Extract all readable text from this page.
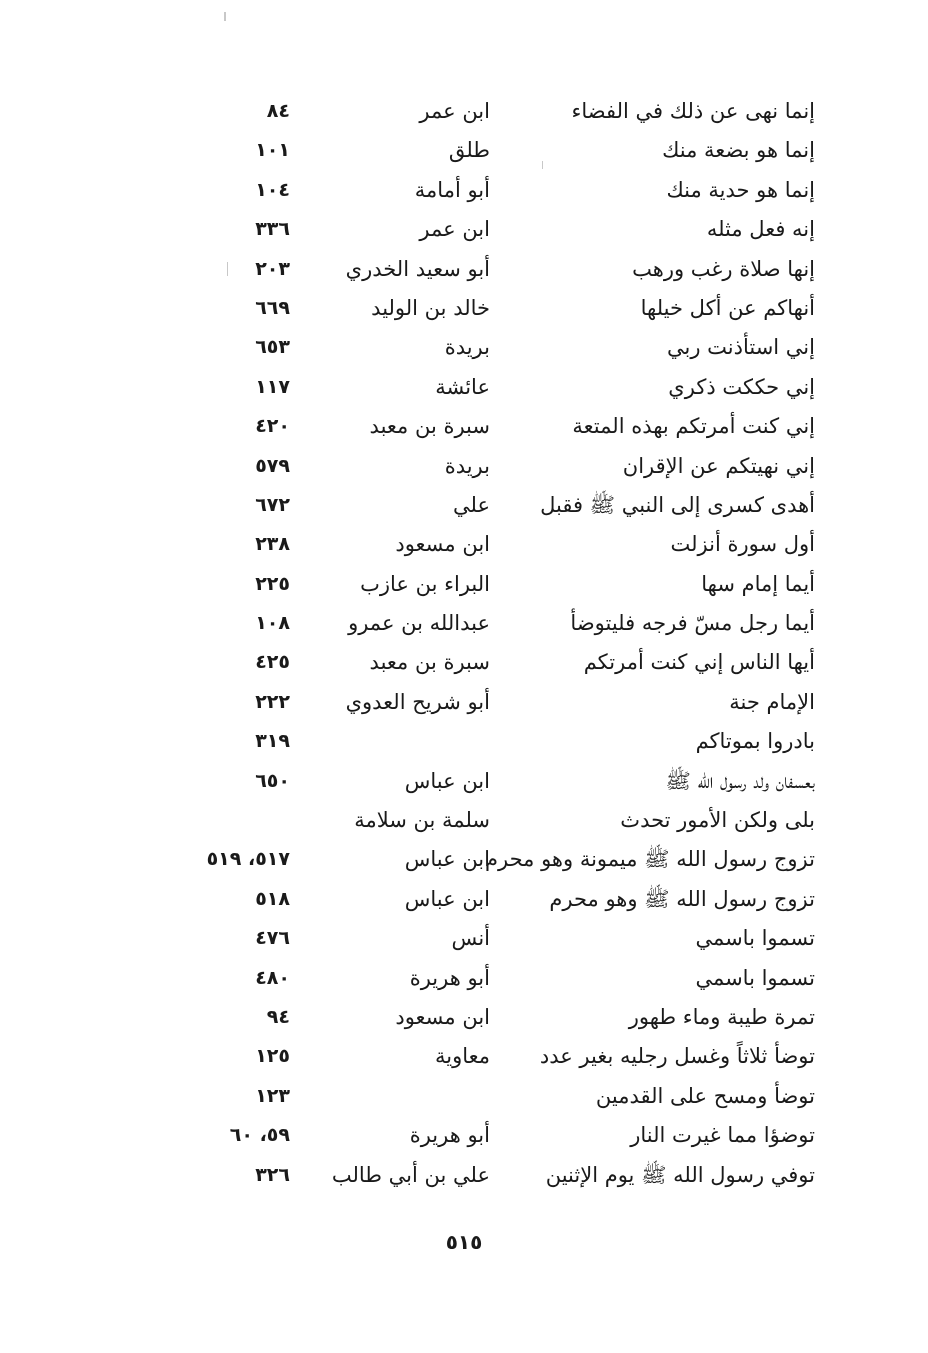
إنما نهى عن ذلك في الفضاء
ابن عمر
٨٤
إنما هو بضعة منك
طلق
١٠١
إنما هو حدية منك
أبو أمامة
١٠٤
إنه فعل مثله
ابن عمر
٣٣٦
إنها صلاة رغب ورهب
أبو سعيد الخدري
٢٠٣
أنهاكم عن أكل خيلها
خالد بن الوليد
٦٦٩
إني استأذنت ربي
بريدة
٦٥٣
إني حككت ذكري
عائشة
١١٧
إني كنت أمرتكم بهذه المتعة
سبرة بن معبد
٤٢٠
إني نهيتكم عن الإقران
بريدة
٥٧٩
أهدى كسرى إلى النبي ﷺ فقبل
علي
٦٧٢
أول سورة أنزلت
ابن مسعود
٢٣٨
أيما إمام سها
البراء بن عازب
٢٢٥
أيما رجل مسّ فرجه فليتوضأ
عبدالله بن عمرو
١٠٨
أيها الناس إني كنت أمرتكم
سبرة بن معبد
٤٢٥
الإمام جنة
أبو شريح العدوي
٢٢٢
بادروا بموتاكم
٣١٩
بعسفان ولد رسول الله ﷺ
ابن عباس
٦٥٠
بلى ولكن الأمور تحدث
سلمة بن سلامة
تزوج رسول الله ﷺ ميمونة وهو محرم
ابن عباس
٥١٧، ٥١٩
تزوج رسول الله ﷺ وهو محرم
ابن عباس
٥١٨
تسموا باسمي
أنس
٤٧٦
تسموا باسمي
أبو هريرة
٤٨٠
تمرة طيبة وماء طهور
ابن مسعود
٩٤
توضأ ثلاثاً وغسل رجليه بغير عدد
معاوية
١٢٥
توضأ ومسح على القدمين
١٢٣
توضؤا مما غيرت النار
أبو هريرة
٥٩، ٦٠
توفي رسول الله ﷺ يوم الإثنين
علي بن أبي طالب
٣٢٦
٥١٥
